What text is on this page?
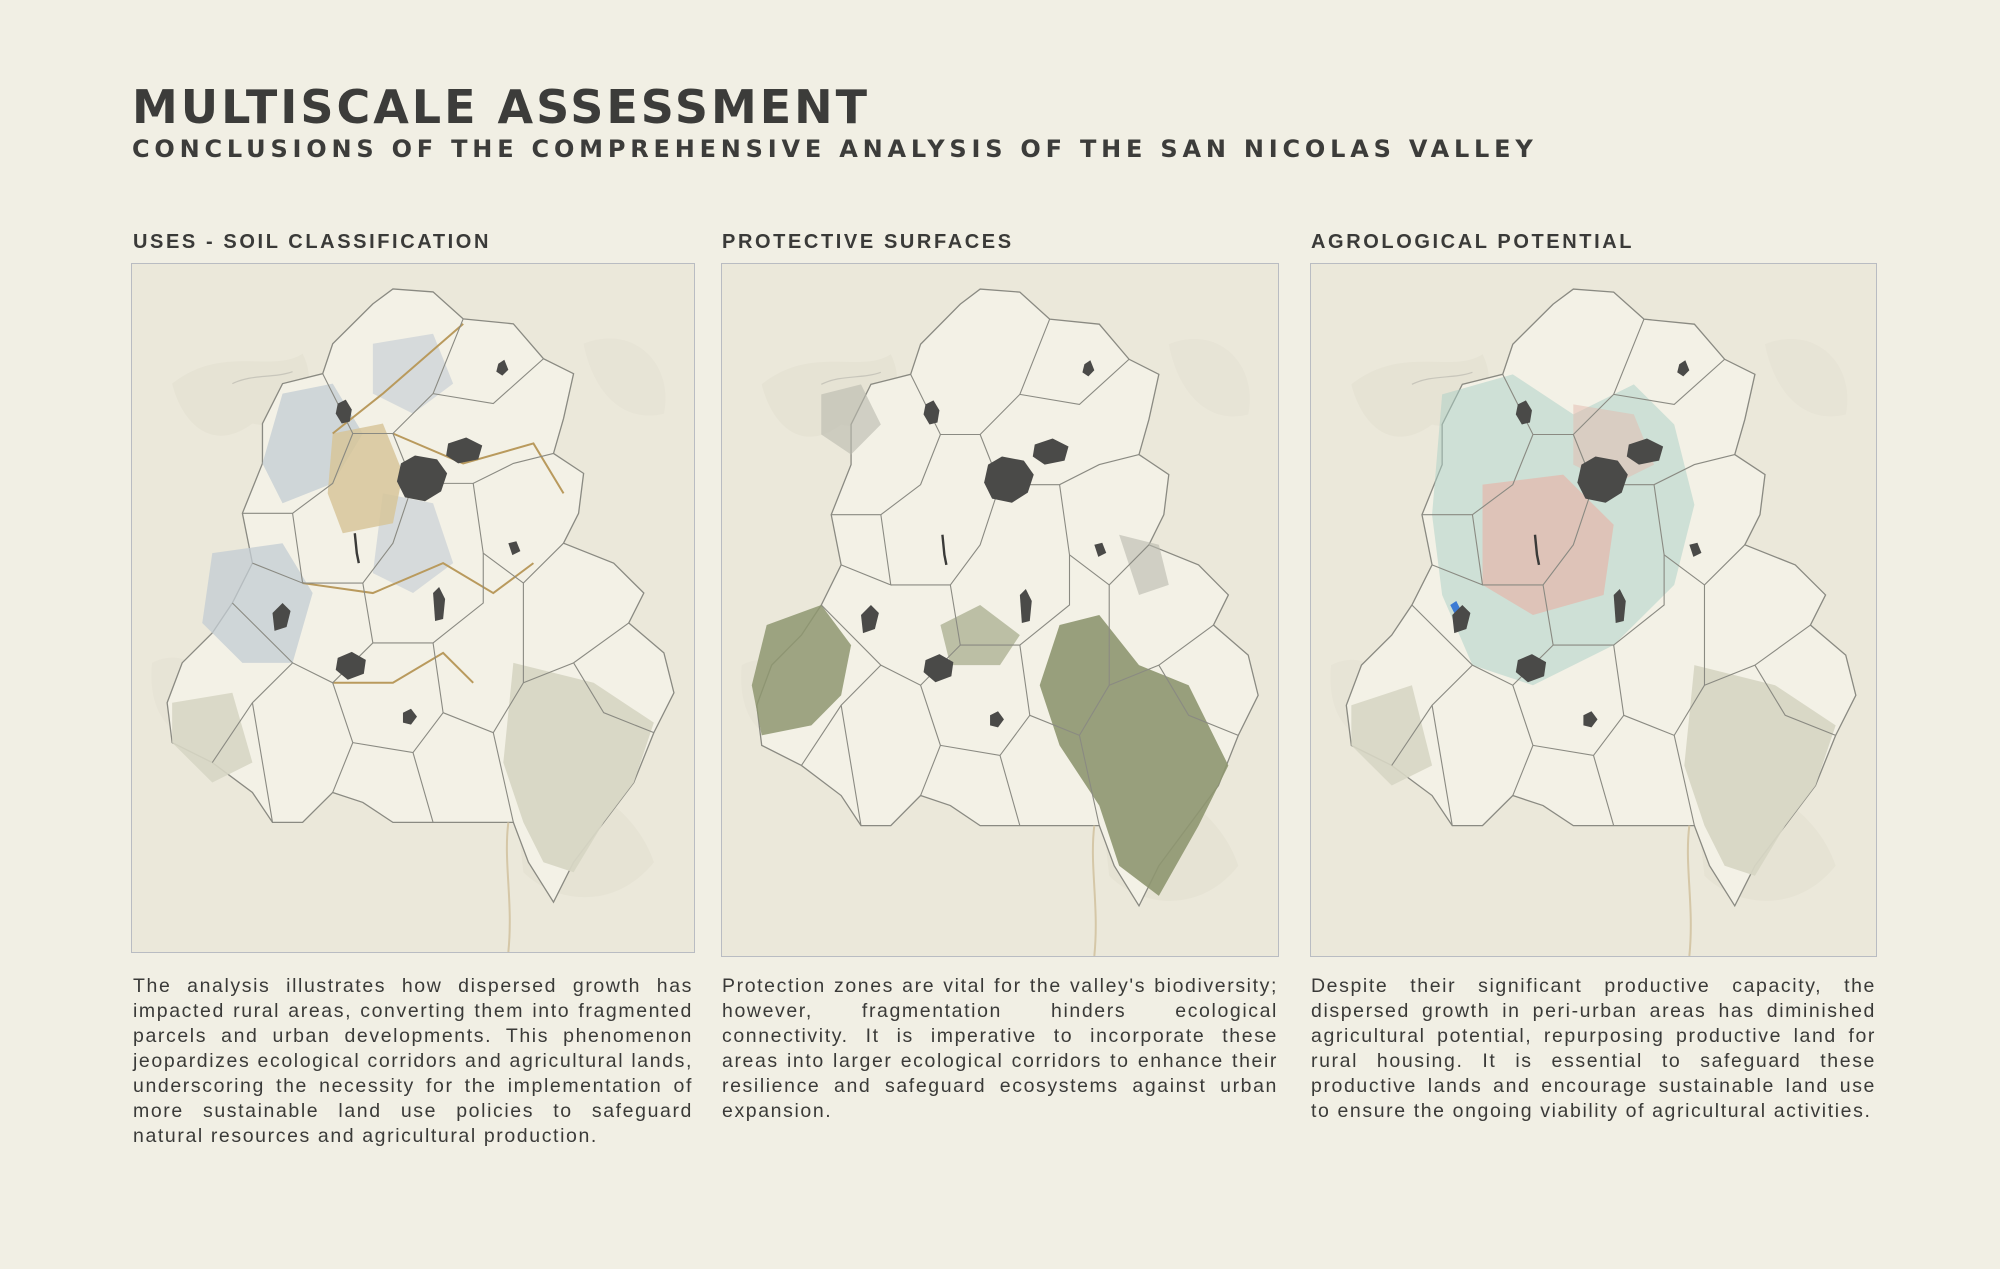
MULTISCALE ASSESSMENT
CONCLUSIONS OF THE COMPREHENSIVE ANALYSIS OF THE SAN NICOLAS VALLEY
USES - SOIL CLASSIFICATION

The analysis illustrates how dispersed growth has impacted rural areas, converting them into fragmented parcels and urban developments. This phenomenon jeopardizes ecological corridors and agricultural lands, underscoring the necessity for the implementation of more sustainable land use policies to safeguard natural resources and agricultural production.

PROTECTIVE SURFACES

Protection zones are vital for the valley's biodiversity; however, fragmentation hinders ecological connectivity. It is imperative to incorporate these areas into larger ecological corridors to enhance their resilience and safeguard ecosystems against urban expansion.

AGROLOGICAL POTENTIAL

Despite their significant productive capacity, the dispersed growth in peri-urban areas has diminished agricultural potential, repurposing productive land for rural housing. It is essential to safeguard these productive lands and encourage sustainable land use to ensure the ongoing viability of agricultural activities.
